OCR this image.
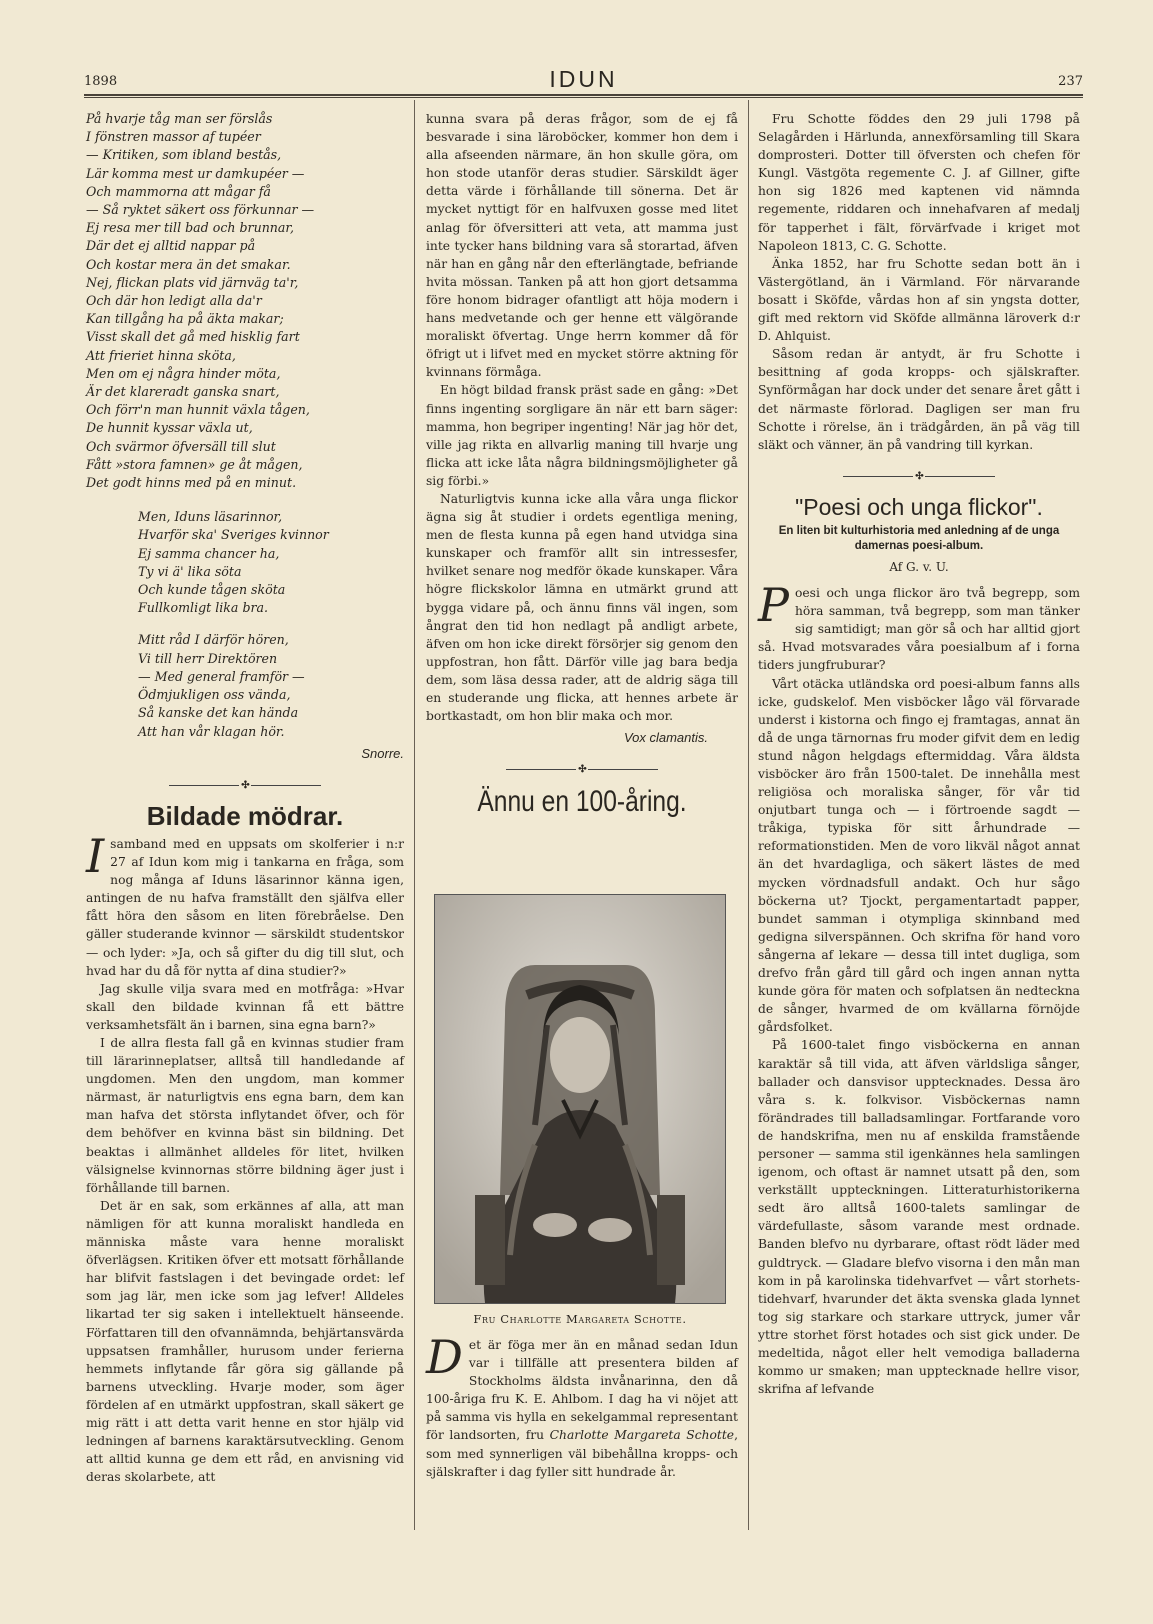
1898	IDUN	237
På hvarje tåg man ser förslås
I fönstren massor af tupéer
— Kritiken, som ibland bestås,
Lär komma mest ur damkupéer —
Och mammorna att mågar få
— Så ryktet säkert oss förkunnar —
Ej resa mer till bad och brunnar,
Där det ej alltid nappar på
Och kostar mera än det smakar.
Nej, flickan plats vid järnväg ta'r,
Och där hon ledigt alla da'r
Kan tillgång ha på äkta makar;
Visst skall det gå med hisklig fart
Att frieriet hinna sköta,
Men om ej några hinder möta,
Är det klareradt ganska snart,
Och förr'n man hunnit växla tågen,
De hunnit kyssar växla ut,
Och svärmor öfversäll till slut
Fått »stora famnen» ge åt mågen,
Det godt hinns med på en minut.
Men, Iduns läsarinnor,
Hvarför ska' Sveriges kvinnor
Ej samma chancer ha,
Ty vi ä' lika söta
Och kunde tågen sköta
Fullkomligt lika bra.
Mitt råd I därför hören,
Vi till herr Direktören
— Med general framför —
Ödmjukligen oss vända,
Så kanske det kan hända
Att han vår klagan hör.
Snorre.
✣
Bildade mödrar.

Isamband med en uppsats om skolferier i n:r 27 af Idun kom mig i tankarna en fråga, som nog många af Iduns läsarinnor känna igen, antingen de nu hafva framställt den själfva eller fått höra den såsom en liten förebråelse. Den gäller studerande kvinnor — särskildt studentskor — och lyder: »Ja, och så gifter du dig till slut, och hvad har du då för nytta af dina studier?»

Jag skulle vilja svara med en motfråga: »Hvar skall den bildade kvinnan få ett bättre verksamhetsfält än i barnen, sina egna barn?»

I de allra flesta fall gå en kvinnas studier fram till lärarinneplatser, alltså till handledande af ungdomen. Men den ungdom, man kommer närmast, är naturligtvis ens egna barn, dem kan man hafva det största inflytandet öfver, och för dem behöfver en kvinna bäst sin bildning. Det beaktas i allmänhet alldeles för litet, hvilken välsignelse kvinnornas större bildning äger just i förhållande till barnen.

Det är en sak, som erkännes af alla, att man nämligen för att kunna moraliskt handleda en människa måste vara henne moraliskt öfverlägsen. Kritiken öfver ett motsatt förhållande har blifvit fastslagen i det bevingade ordet: lef som jag lär, men icke som jag lefver! Alldeles likartad ter sig saken i intellektuelt hänseende. Författaren till den ofvannämnda, behjärtansvärda uppsatsen framhåller, hurusom under ferierna hemmets inflytande får göra sig gällande på barnens utveckling. Hvarje moder, som äger fördelen af en utmärkt uppfostran, skall säkert ge mig rätt i att detta varit henne en stor hjälp vid ledningen af barnens karaktärsutveckling. Genom att alltid kunna ge dem ett råd, en anvisning vid deras skolarbete, att

kunna svara på deras frågor, som de ej få besvarade i sina läroböcker, kommer hon dem i alla afseenden närmare, än hon skulle göra, om hon stode utanför deras studier. Särskildt äger detta värde i förhållande till sönerna. Det är mycket nyttigt för en halfvuxen gosse med litet anlag för öfversitteri att veta, att mamma just inte tycker hans bildning vara så storartad, äfven när han en gång når den efterlängtade, befriande hvita mössan. Tanken på att hon gjort detsamma före honom bidrager ofantligt att höja modern i hans medvetande och ger henne ett välgörande moraliskt öfvertag. Unge herrn kommer då för öfrigt ut i lifvet med en mycket större aktning för kvinnans förmåga.

En högt bildad fransk präst sade en gång: »Det finns ingenting sorgligare än när ett barn säger: mamma, hon begriper ingenting! När jag hör det, ville jag rikta en allvarlig maning till hvarje ung flicka att icke låta några bildningsmöjligheter gå sig förbi.»

Naturligtvis kunna icke alla våra unga flickor ägna sig åt studier i ordets egentliga mening, men de flesta kunna på egen hand utvidga sina kunskaper och framför allt sin intressesfer, hvilket senare nog medför ökade kunskaper. Våra högre flickskolor lämna en utmärkt grund att bygga vidare på, och ännu finns väl ingen, som ångrat den tid hon nedlagt på andligt arbete, äfven om hon icke direkt försörjer sig genom den uppfostran, hon fått. Därför ville jag bara bedja dem, som läsa dessa rader, att de aldrig säga till en studerande ung flicka, att hennes arbete är bortkastadt, om hon blir maka och mor.

Vox clamantis.
✣
Ännu en 100-åring.
Fru Charlotte Margareta Schotte.

Det är föga mer än en månad sedan Idun var i tillfälle att presentera bilden af Stockholms äldsta invånarinna, den då 100-åriga fru K. E. Ahlbom. I dag ha vi nöjet att på samma vis hylla en sekelgammal representant för landsorten, fru Charlotte Margareta Schotte, som med synnerligen väl bibehållna kropps- och själskrafter i dag fyller sitt hundrade år.

Fru Schotte föddes den 29 juli 1798 på Selagården i Härlunda, annexförsamling till Skara domprosteri. Dotter till öfversten och chefen för Kungl. Västgöta regemente C. J. af Gillner, gifte hon sig 1826 med kaptenen vid nämnda regemente, riddaren och innehafvaren af medalj för tapperhet i fält, förvärfvade i kriget mot Napoleon 1813, C. G. Schotte.

Änka 1852, har fru Schotte sedan bott än i Västergötland, än i Värmland. För närvarande bosatt i Sköfde, vårdas hon af sin yngsta dotter, gift med rektorn vid Sköfde allmänna läroverk d:r D. Ahlquist.

Såsom redan är antydt, är fru Schotte i besittning af goda kropps- och själskrafter. Synförmågan har dock under det senare året gått i det närmaste förlorad. Dagligen ser man fru Schotte i rörelse, än i trädgården, än på väg till släkt och vänner, än på vandring till kyrkan.

✣
"Poesi och unga flickor".
En liten bit kulturhistoria med anledning af de unga damernas poesi-album.
Af G. v. U.

Poesi och unga flickor äro två begrepp, som höra samman, två begrepp, som man tänker sig samtidigt; man gör så och har alltid gjort så. Hvad motsvarades våra poesialbum af i forna tiders jungfruburar?

Vårt otäcka utländska ord poesi-album fanns alls icke, gudskelof. Men visböcker lågo väl förvarade underst i kistorna och fingo ej framtagas, annat än då de unga tärnornas fru moder gifvit dem en ledig stund någon helgdags eftermiddag. Våra äldsta visböcker äro från 1500-talet. De innehålla mest religiösa och moraliska sånger, för vår tid onjutbart tunga och — i förtroende sagdt — tråkiga, typiska för sitt århundrade — reformationstiden. Men de voro likväl något annat än det hvardagliga, och säkert lästes de med mycken vördnadsfull andakt. Och hur sågo böckerna ut? Tjockt, pergamentartadt papper, bundet samman i otympliga skinnband med gedigna silverspännen. Och skrifna för hand voro sångerna af lekare — dessa till intet dugliga, som drefvo från gård till gård och ingen annan nytta kunde göra för maten och sofplatsen än nedteckna de sånger, hvarmed de om kvällarna förnöjde gårdsfolket.

På 1600-talet fingo visböckerna en annan karaktär så till vida, att äfven världsliga sånger, ballader och dansvisor upptecknades. Dessa äro våra s. k. folkvisor. Visböckernas namn förändrades till balladsamlingar. Fortfarande voro de handskrifna, men nu af enskilda framstående personer — samma stil igenkännes hela samlingen igenom, och oftast är namnet utsatt på den, som verkställt uppteckningen. Litteraturhistorikerna sedt äro alltså 1600-talets samlingar de värdefullaste, såsom varande mest ordnade. Banden blefvo nu dyrbarare, oftast rödt läder med guldtryck. — Gladare blefvo visorna i den mån man kom in på karolinska tidehvarfvet — vårt storhets-tidehvarf, hvarunder det äkta svenska glada lynnet tog sig starkare och starkare uttryck, jumer vår yttre storhet först hotades och sist gick under. De medeltida, något eller helt vemodiga balladerna kommo ur smaken; man upptecknade hellre visor, skrifna af lefvande
